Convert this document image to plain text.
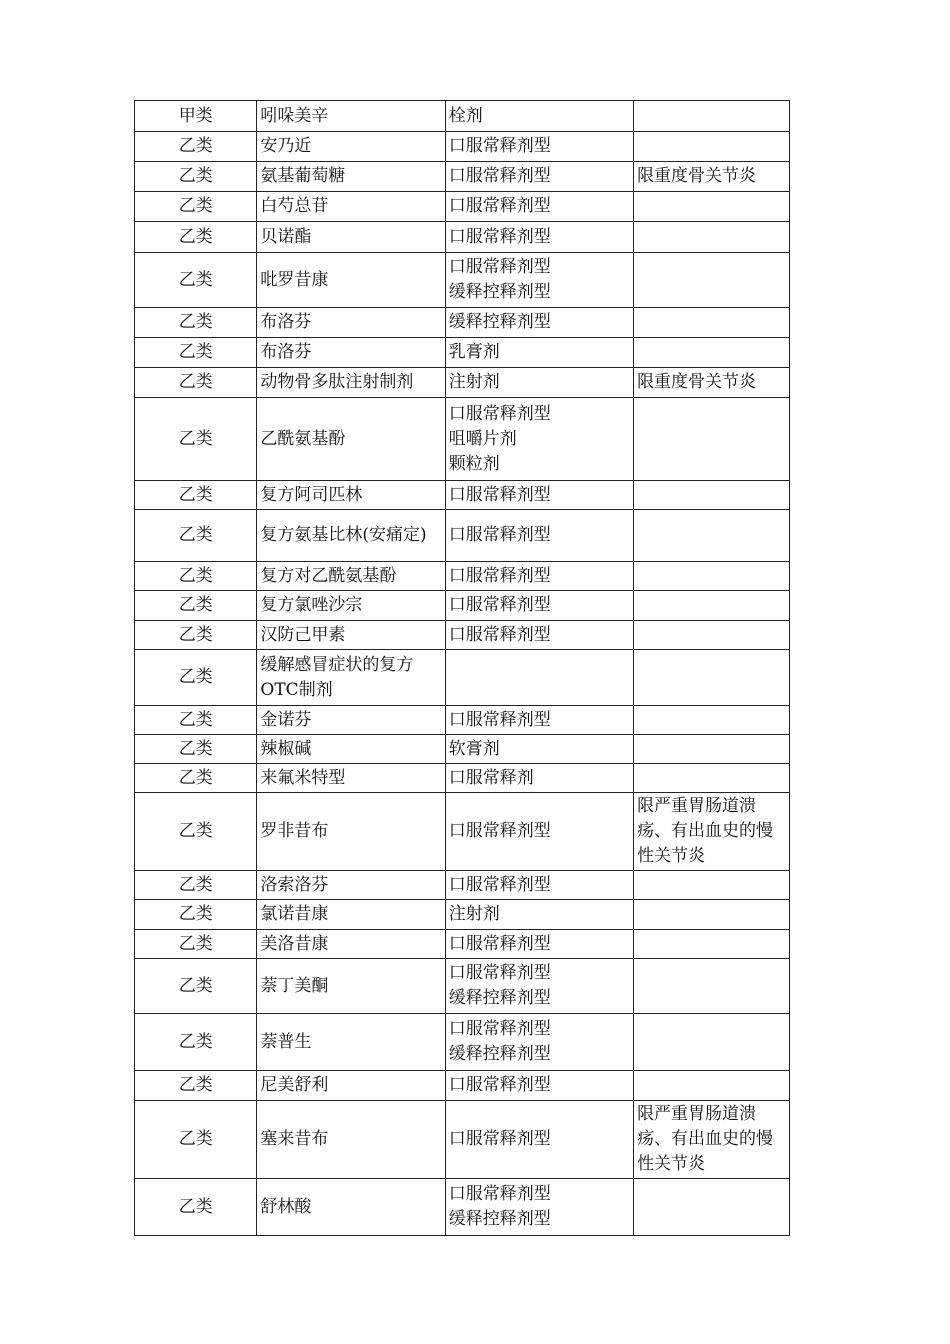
甲类	吲哚美辛	栓剂	
乙类	安乃近	口服常释剂型	
乙类	氨基葡萄糖	口服常释剂型	限重度骨关节炎
乙类	白芍总苷	口服常释剂型	
乙类	贝诺酯	口服常释剂型	
乙类	吡罗昔康	口服常释剂型
缓释控释剂型	
乙类	布洛芬	缓释控释剂型	
乙类	布洛芬	乳膏剂	
乙类	动物骨多肽注射制剂	注射剂	限重度骨关节炎
乙类	乙酰氨基酚	口服常释剂型
咀嚼片剂
颗粒剂	
乙类	复方阿司匹林	口服常释剂型	
乙类	复方氨基比林(安痛定)	口服常释剂型	
乙类	复方对乙酰氨基酚	口服常释剂型	
乙类	复方氯唑沙宗	口服常释剂型	
乙类	汉防己甲素	口服常释剂型	
乙类	缓解感冒症状的复方OTC制剂		
乙类	金诺芬	口服常释剂型	
乙类	辣椒碱	软膏剂	
乙类	来氟米特型	口服常释剂	
乙类	罗非昔布	口服常释剂型	限严重胃肠道溃疡、有出血史的慢性关节炎
乙类	洛索洛芬	口服常释剂型	
乙类	氯诺昔康	注射剂	
乙类	美洛昔康	口服常释剂型	
乙类	萘丁美酮	口服常释剂型
缓释控释剂型	
乙类	萘普生	口服常释剂型
缓释控释剂型	
乙类	尼美舒利	口服常释剂型	
乙类	塞来昔布	口服常释剂型	限严重胃肠道溃疡、有出血史的慢性关节炎
乙类	舒林酸	口服常释剂型
缓释控释剂型	
